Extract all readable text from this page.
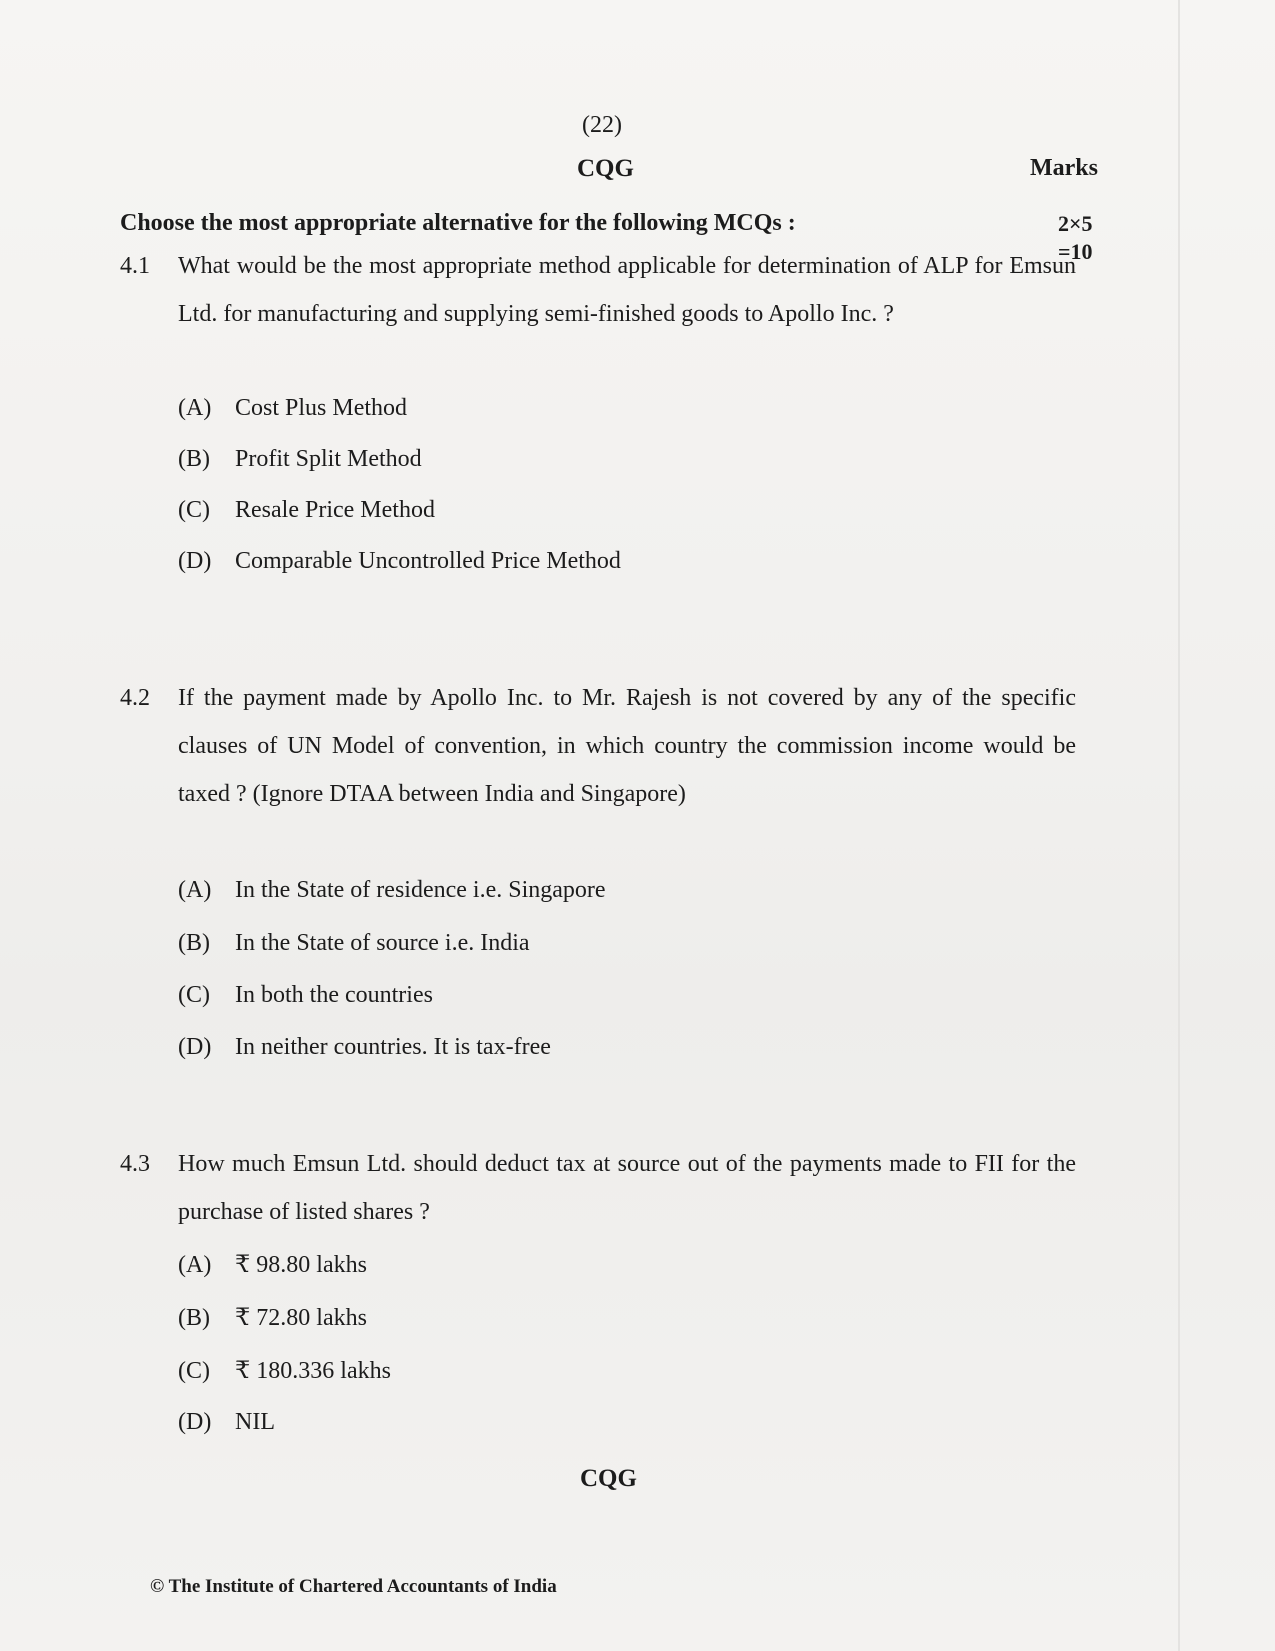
(22)
CQG	Marks
Choose the most appropriate alternative for the following MCQs :	2×5
=10
4.1 What would be the most appropriate method applicable for determination of ALP for Emsun Ltd. for manufacturing and supplying semi-finished goods to Apollo Inc. ?
(A) Cost Plus Method
(B) Profit Split Method
(C) Resale Price Method
(D) Comparable Uncontrolled Price Method
4.2 If the payment made by Apollo Inc. to Mr. Rajesh is not covered by any of the specific clauses of UN Model of convention, in which country the commission income would be taxed ? (Ignore DTAA between India and Singapore)
(A) In the State of residence i.e. Singapore
(B) In the State of source i.e. India
(C) In both the countries
(D) In neither countries. It is tax-free
4.3 How much Emsun Ltd. should deduct tax at source out of the payments made to FII for the purchase of listed shares ?
(A) ₹ 98.80 lakhs
(B) ₹ 72.80 lakhs
(C) ₹ 180.336 lakhs
(D) NIL
CQG
© The Institute of Chartered Accountants of India
